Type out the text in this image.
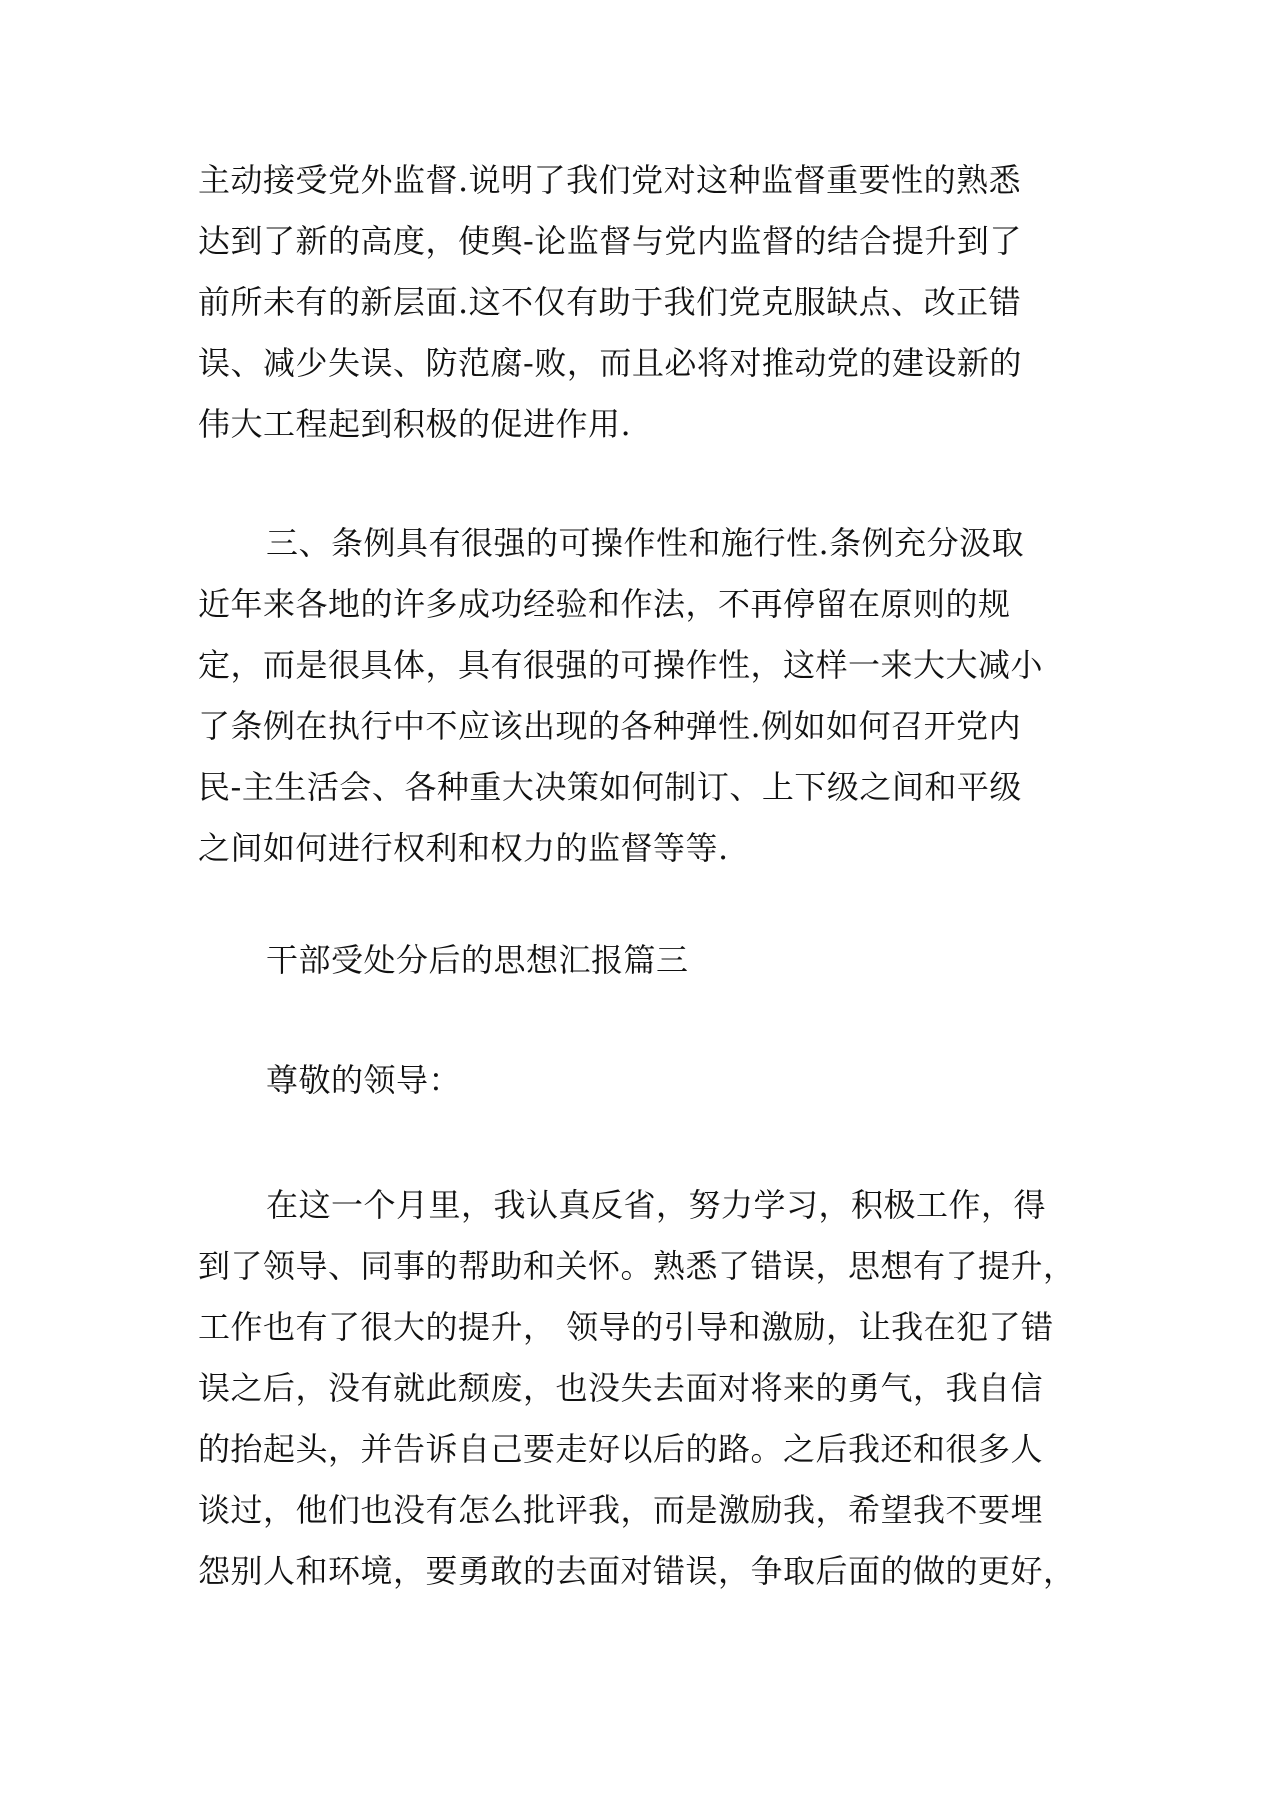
主动接受党外监督.说明了我们党对这种监督重要性的熟悉
达到了新的高度，使舆-论监督与党内监督的结合提升到了
前所未有的新层面.这不仅有助于我们党克服缺点、改正错
误、减少失误、防范腐-败，而且必将对推动党的建设新的
伟大工程起到积极的促进作用.
三、条例具有很强的可操作性和施行性.条例充分汲取
近年来各地的许多成功经验和作法，不再停留在原则的规
定，而是很具体，具有很强的可操作性，这样一来大大减小
了条例在执行中不应该出现的各种弹性.例如如何召开党内
民-主生活会、各种重大决策如何制订、上下级之间和平级
之间如何进行权利和权力的监督等等.
干部受处分后的思想汇报篇三
尊敬的领导：
在这一个月里，我认真反省，努力学习，积极工作，得
到了领导、同事的帮助和关怀。熟悉了错误，思想有了提升，
工作也有了很大的提升， 领导的引导和激励，让我在犯了错
误之后，没有就此颓废，也没失去面对将来的勇气，我自信
的抬起头，并告诉自己要走好以后的路。之后我还和很多人
谈过，他们也没有怎么批评我，而是激励我，希望我不要埋
怨别人和环境，要勇敢的去面对错误，争取后面的做的更好，
